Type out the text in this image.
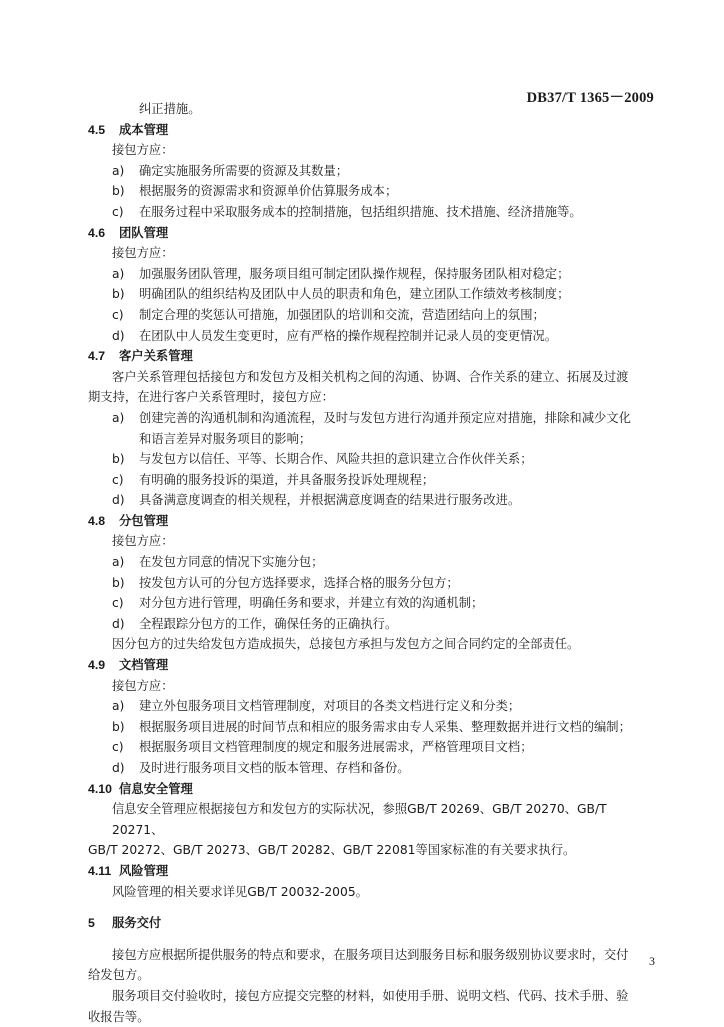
DB37/T 1365－2009
纠正措施。
4.5 成本管理
接包方应：
a) 确定实施服务所需要的资源及其数量；
b) 根据服务的资源需求和资源单价估算服务成本；
c) 在服务过程中采取服务成本的控制措施，包括组织措施、技术措施、经济措施等。
4.6 团队管理
接包方应：
a) 加强服务团队管理，服务项目组可制定团队操作规程，保持服务团队相对稳定；
b) 明确团队的组织结构及团队中人员的职责和角色，建立团队工作绩效考核制度；
c) 制定合理的奖惩认可措施，加强团队的培训和交流，营造团结向上的氛围；
d) 在团队中人员发生变更时，应有严格的操作规程控制并记录人员的变更情况。
4.7 客户关系管理
客户关系管理包括接包方和发包方及相关机构之间的沟通、协调、合作关系的建立、拓展及过渡
期支持，在进行客户关系管理时，接包方应：
a) 创建完善的沟通机制和沟通流程，及时与发包方进行沟通并预定应对措施，排除和减少文化
和语言差异对服务项目的影响；
b) 与发包方以信任、平等、长期合作、风险共担的意识建立合作伙伴关系；
c) 有明确的服务投诉的渠道，并具备服务投诉处理规程；
d) 具备满意度调查的相关规程，并根据满意度调查的结果进行服务改进。
4.8 分包管理
接包方应：
a) 在发包方同意的情况下实施分包；
b) 按发包方认可的分包方选择要求，选择合格的服务分包方；
c) 对分包方进行管理，明确任务和要求，并建立有效的沟通机制；
d) 全程跟踪分包方的工作，确保任务的正确执行。
因分包方的过失给发包方造成损失，总接包方承担与发包方之间合同约定的全部责任。
4.9 文档管理
接包方应：
a) 建立外包服务项目文档管理制度，对项目的各类文档进行定义和分类；
b) 根据服务项目进展的时间节点和相应的服务需求由专人采集、整理数据并进行文档的编制；
c) 根据服务项目文档管理制度的规定和服务进展需求，严格管理项目文档；
d) 及时进行服务项目文档的版本管理、存档和备份。
4.10 信息安全管理
信息安全管理应根据接包方和发包方的实际状况，参照GB/T 20269、GB/T 20270、GB/T 20271、
GB/T 20272、GB/T 20273、GB/T 20282、GB/T 22081等国家标准的有关要求执行。
4.11 风险管理
风险管理的相关要求详见GB/T 20032-2005。
5 服务交付
接包方应根据所提供服务的特点和要求，在服务项目达到服务目标和服务级别协议要求时，交付
给发包方。
服务项目交付验收时，接包方应提交完整的材料，如使用手册、说明文档、代码、技术手册、验
收报告等。
3
